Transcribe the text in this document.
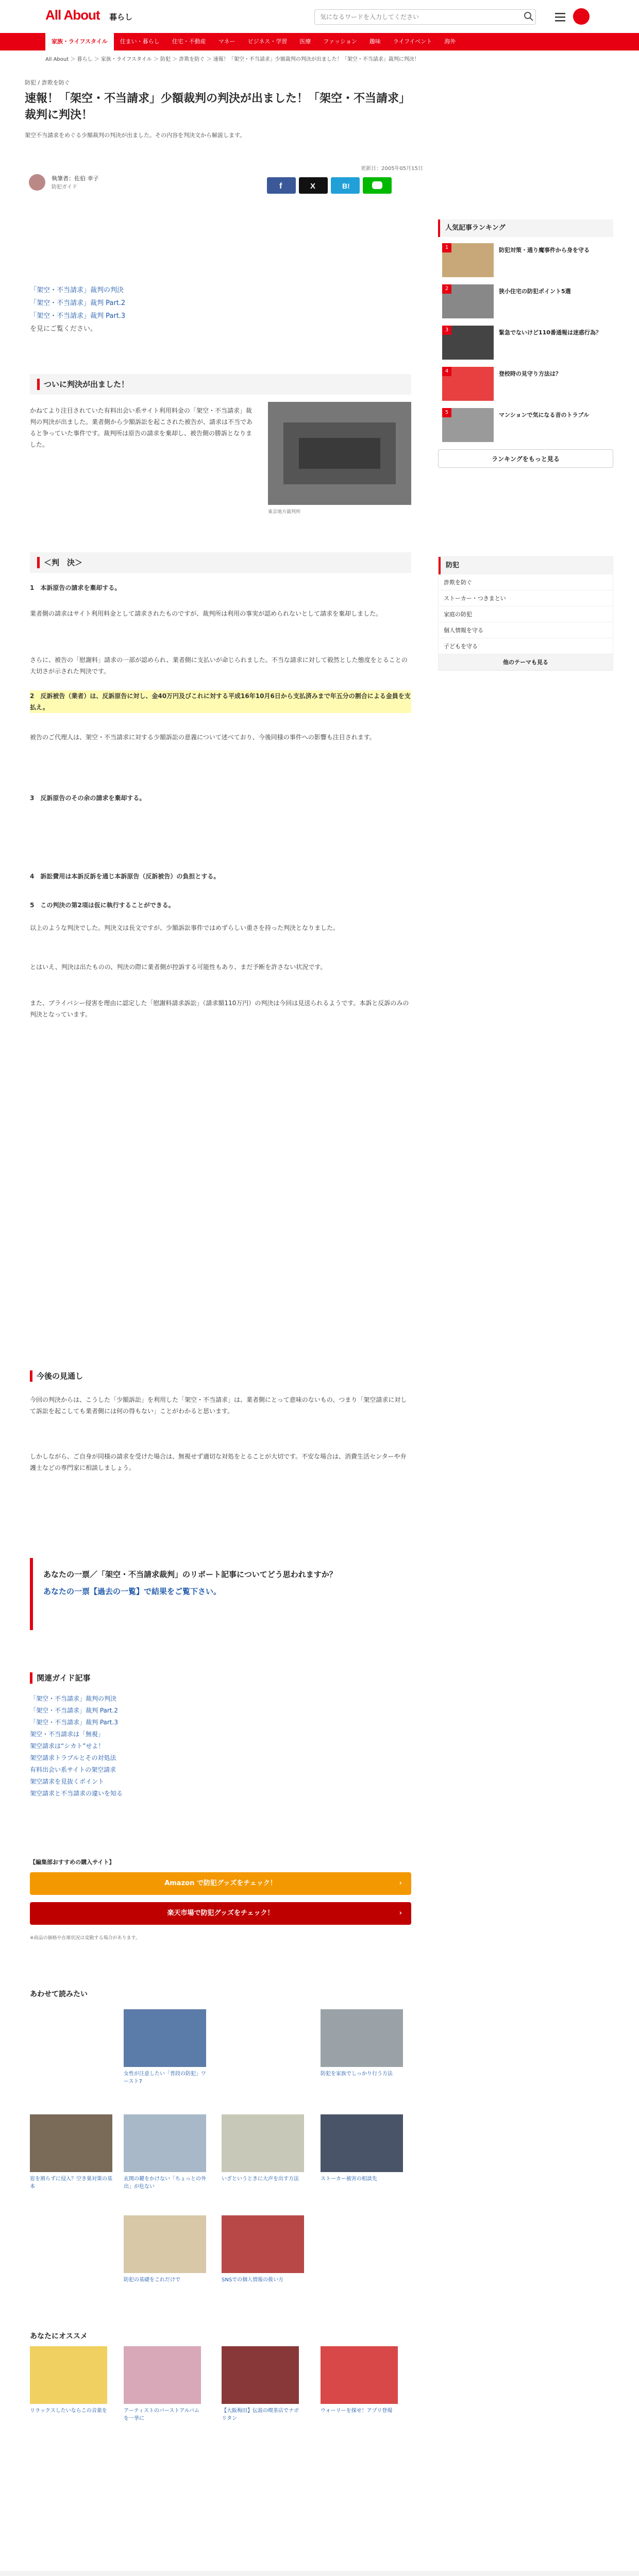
All About 暮らし
気になるワードを入力してください
家族・ライフスタイル	住まい・暮らし	住宅・不動産	マネー	ビジネス・学習	医療	ファッション	趣味	ライフイベント	海外
All About ＞ 暮らし ＞ 家族・ライフスタイル ＞ 防犯 ＞ 詐欺を防ぐ ＞ 速報！「架空・不当請求」少額裁判の判決が出ました！「架空・不当請求」裁判に判決！
防犯 / 詐欺を防ぐ
速報！「架空・不当請求」少額裁判の判決が出ました！「架空・不当請求」裁判に判決！

架空不当請求をめぐる少額裁判の判決が出ました。その内容を判決文から解説します。

更新日：2005年05月15日
執筆者：佐伯 幸子
防犯ガイド	f	X	B!
「架空・不当請求」裁判の判決
「架空・不当請求」裁判 Part.2
「架空・不当請求」裁判 Part.3
を見にご覧ください。
ついに判決が出ました！

かねてより注目されていた有料出会い系サイト利用料金の「架空・不当請求」裁判の判決が出ました。業者側から少額訴訟を起こされた被告が、請求は不当であると争っていた事件です。裁判所は原告の請求を棄却し、被告側の勝訴となりました。

東京地方裁判所
＜判　決＞

1　本訴原告の請求を棄却する。

業者側の請求はサイト利用料金として請求されたものですが、裁判所は利用の事実が認められないとして請求を棄却しました。

さらに、被告の「慰謝料」請求の一部が認められ、業者側に支払いが命じられました。不当な請求に対して毅然とした態度をとることの大切さが示された判決です。

2　反訴被告（業者）は、反訴原告に対し、金40万円及びこれに対する平成16年10月6日から支払済みまで年五分の割合による金員を支払え。

被告のご代理人は、架空・不当請求に対する少額訴訟の意義について述べており、今後同様の事件への影響も注目されます。

3　反訴原告のその余の請求を棄却する。

4　訴訟費用は本訴反訴を通じ本訴原告（反訴被告）の負担とする。

5　この判決の第2項は仮に執行することができる。

以上のような判決でした。判決文は長文ですが、少額訴訟事件ではめずらしい重さを持った判決となりました。

とはいえ、判決は出たものの、判決の際に業者側が控訴する可能性もあり、まだ予断を許さない状況です。

また、プライバシー侵害を理由に認定した「慰謝料請求訴訟」（請求額110万円）の判決は今回は見送られるようです。本訴と反訴のみの判決となっています。

今後の見通し

今回の判決からは、こうした「少額訴訟」を利用した「架空・不当請求」は、業者側にとって意味のないもの、つまり「架空請求に対して訴訟を起こしても業者側には何の得もない」ことがわかると思います。

しかしながら、ご自身が同様の請求を受けた場合は、無視せず適切な対処をとることが大切です。不安な場合は、消費生活センターや弁護士などの専門家に相談しましょう。

あなたの一票／「架空・不当請求裁判」のリポート記事についてどう思われますか？
あなたの一票【過去の一覧】で結果をご覧下さい。
関連ガイド記事
「架空・不当請求」裁判の判決
「架空・不当請求」裁判 Part.2
「架空・不当請求」裁判 Part.3
架空・不当請求は「無視」
架空請求は“シカト”せよ！
架空請求トラブルとその対処法
有料出会い系サイトの架空請求
架空請求を見抜くポイント
架空請求と不当請求の違いを知る
【編集部おすすめの購入サイト】
Amazon で防犯グッズをチェック！	›
楽天市場で防犯グッズをチェック！	›
※商品の価格や在庫状況は変動する場合があります。
あわせて読みたい
女性が注意したい「普段の防犯」ワースト7
防犯を家族でしっかり行う方法
窓を割らずに侵入？空き巣対策の基本
玄関の鍵をかけない「ちょっとの外出」が危ない
いざというときに大声を出す方法	ストーカー被害の相談先
防犯の基礎をこれだけで	SNSでの個人情報の扱い方
あなたにオススメ
リラックスしたいならこの音楽を	アーティストのバーストアルバムを一挙に
【大阪梅田】伝説の喫茶店でナポリタン
ウォーリーを探せ！アプリ登場
人気記事ランキング
1	防犯対策・通り魔事件から身を守る
2	狭小住宅の防犯ポイント5選
3	緊急でないけど110番通報は迷惑行為？
4	登校時の見守り方法は？
5	マンションで気になる音のトラブル
ランキングをもっと見る
防犯
詐欺を防ぐ
ストーカー・つきまとい
家庭の防犯
個人情報を守る
子どもを守る
他のテーマも見る
